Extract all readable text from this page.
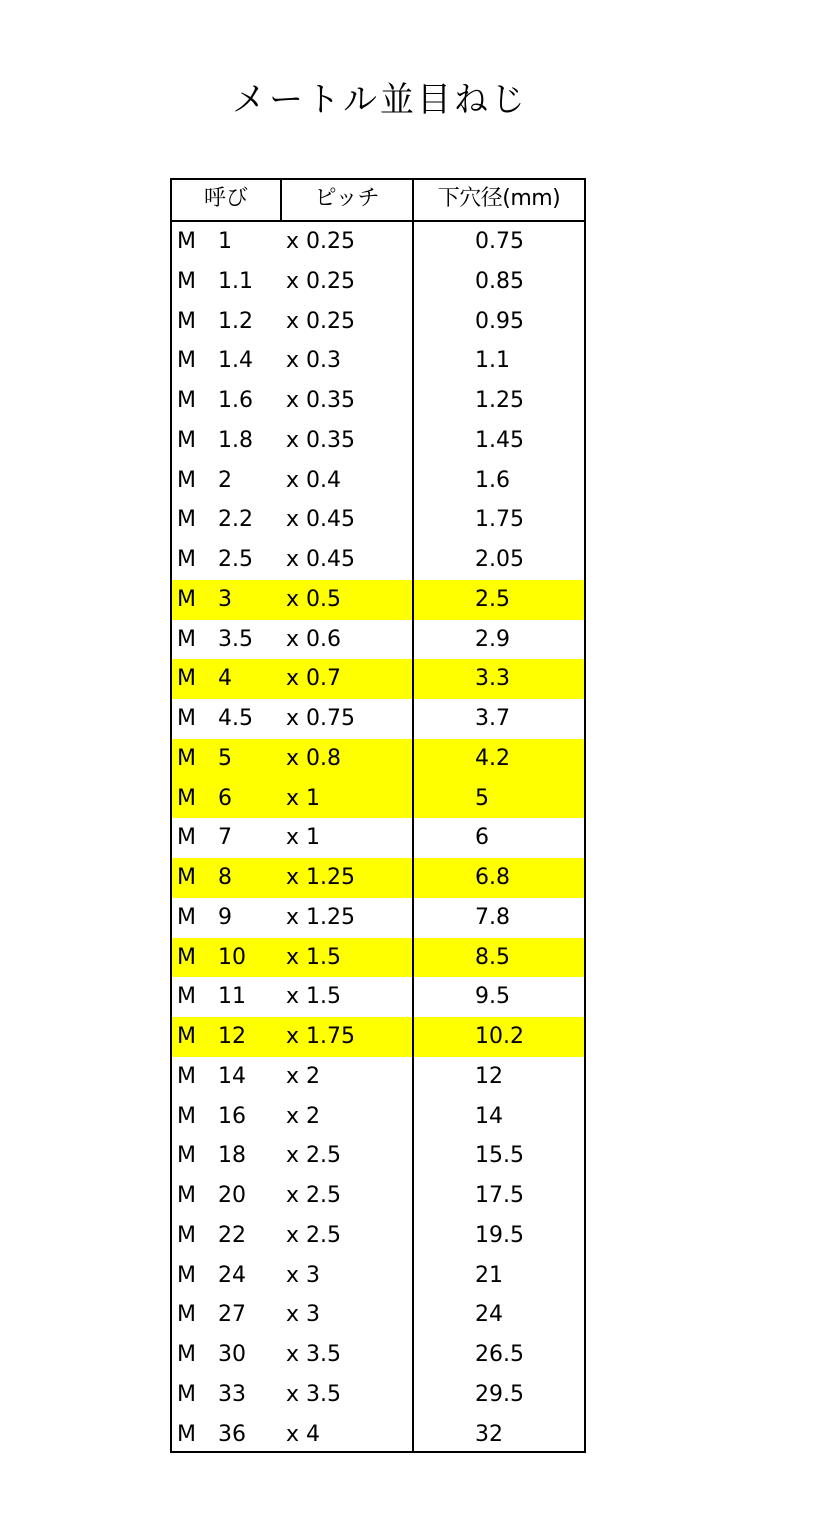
メートル並目ねじ
呼び	ピッチ	下穴径(mm)
M 1 x 0.25	0.75
M 1.1 x 0.25	0.85
M 1.2 x 0.25	0.95
M 1.4 x 0.3	1.1
M 1.6 x 0.35	1.25
M 1.8 x 0.35	1.45
M 2 x 0.4	1.6
M 2.2 x 0.45	1.75
M 2.5 x 0.45	2.05
M 3 x 0.5	2.5
M 3.5 x 0.6	2.9
M 4 x 0.7	3.3
M 4.5 x 0.75	3.7
M 5 x 0.8	4.2
M 6 x 1	5
M 7 x 1	6
M 8 x 1.25	6.8
M 9 x 1.25	7.8
M 10 x 1.5	8.5
M 11 x 1.5	9.5
M 12 x 1.75	10.2
M 14 x 2	12
M 16 x 2	14
M 18 x 2.5	15.5
M 20 x 2.5	17.5
M 22 x 2.5	19.5
M 24 x 3	21
M 27 x 3	24
M 30 x 3.5	26.5
M 33 x 3.5	29.5
M 36 x 4	32
